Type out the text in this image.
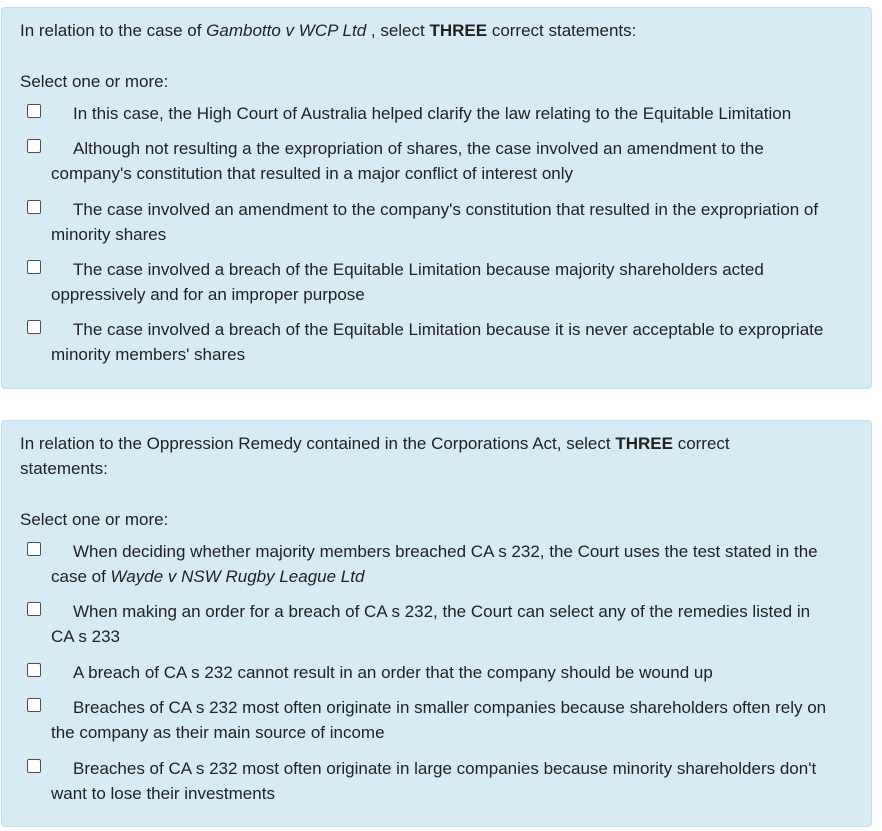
In relation to the case of Gambotto v WCP Ltd , select THREE correct statements:

Select one or more:

In this case, the High Court of Australia helped clarify the law relating to the Equitable Limitation
Although not resulting a the expropriation of shares, the case involved an amendment to the company's constitution that resulted in a major conflict of interest only
The case involved an amendment to the company's constitution that resulted in the expropriation of minority shares
The case involved a breach of the Equitable Limitation because majority shareholders acted oppressively and for an improper purpose
The case involved a breach of the Equitable Limitation because it is never acceptable to expropriate minority members' shares

In relation to the Oppression Remedy contained in the Corporations Act, select THREE correct statements:

Select one or more:

When deciding whether majority members breached CA s 232, the Court uses the test stated in the case of Wayde v NSW Rugby League Ltd
When making an order for a breach of CA s 232, the Court can select any of the remedies listed in CA s 233
A breach of CA s 232 cannot result in an order that the company should be wound up
Breaches of CA s 232 most often originate in smaller companies because shareholders often rely on the company as their main source of income
Breaches of CA s 232 most often originate in large companies because minority shareholders don't want to lose their investments
